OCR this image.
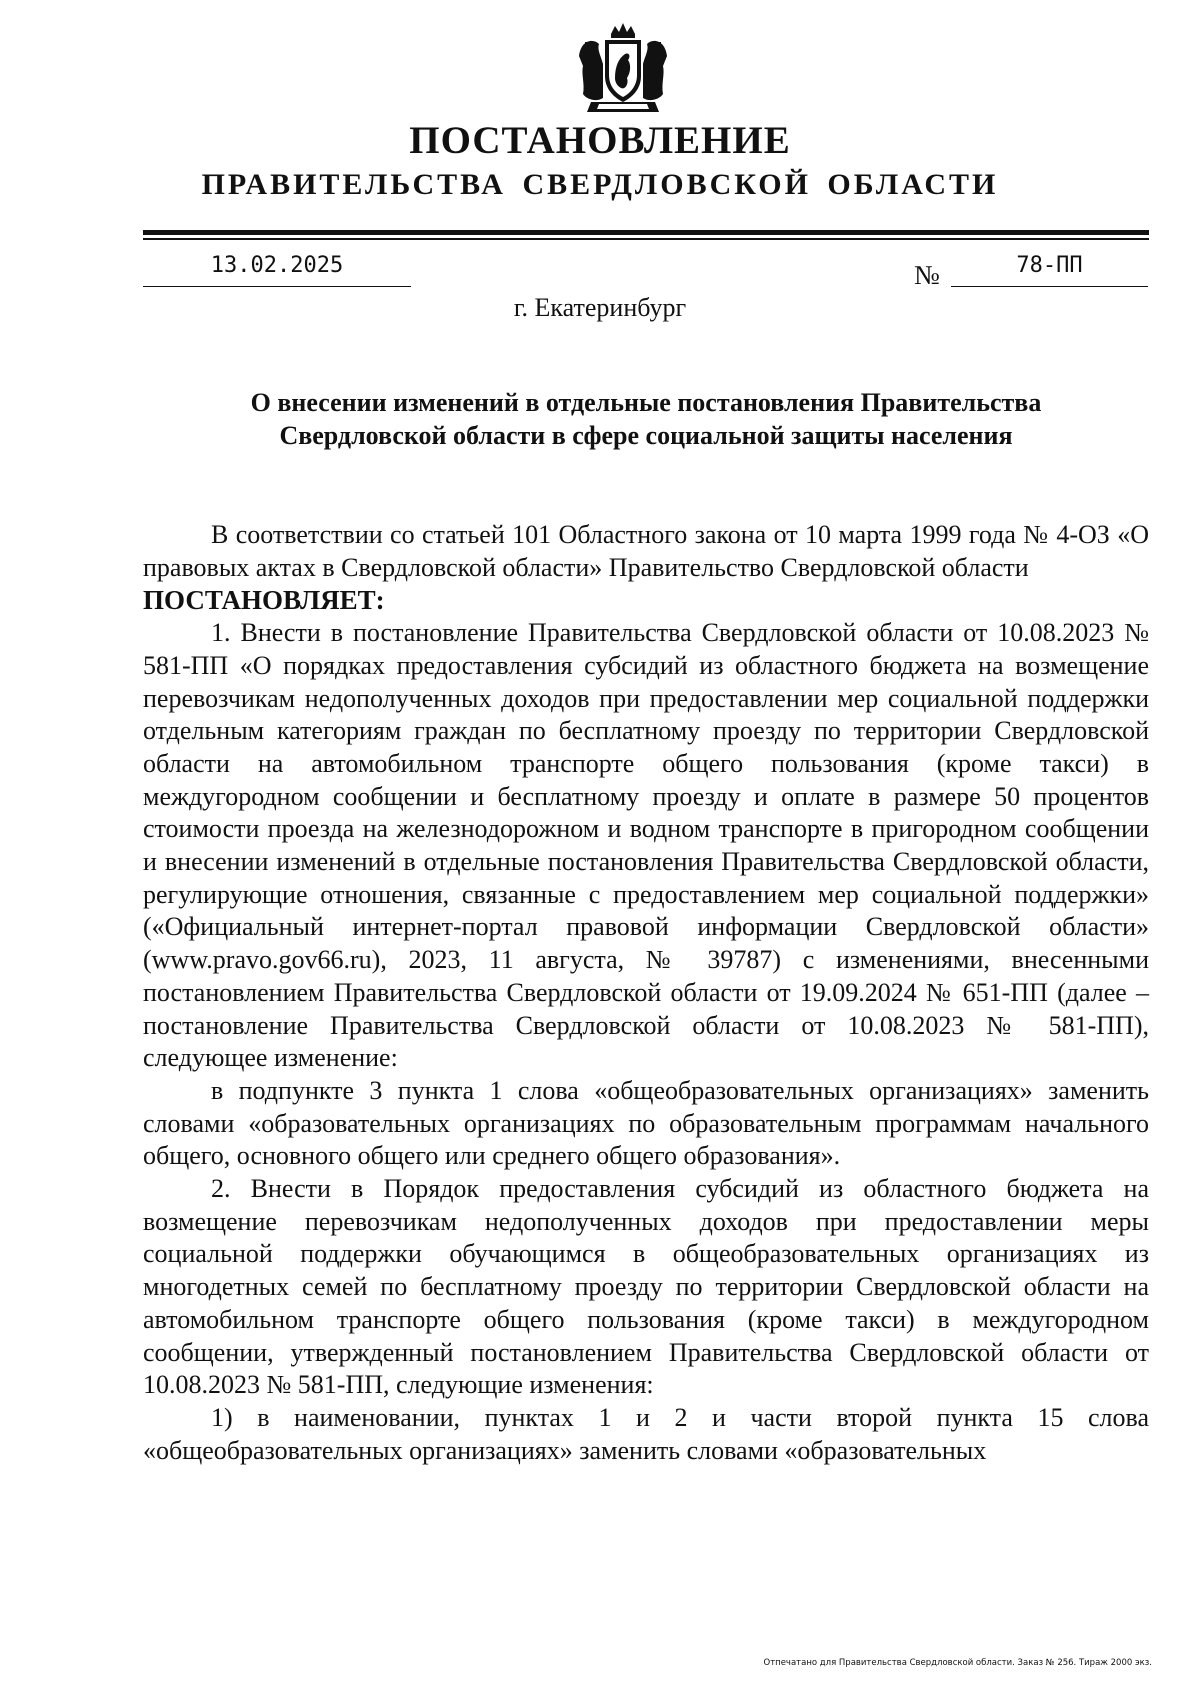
ПОСТАНОВЛЕНИЕ
ПРАВИТЕЛЬСТВА СВЕРДЛОВСКОЙ ОБЛАСТИ
13.02.2025	№	78-ПП
г. Екатеринбург
О внесении изменений в отдельные постановления Правительства
Свердловской области в сфере социальной защиты населения

В соответствии со статьей 101 Областного закона от 10 марта 1999 года № 4-ОЗ «О правовых актах в Свердловской области» Правительство Свердловской области

ПОСТАНОВЛЯЕТ:

1. Внести в постановление Правительства Свердловской области от 10.08.2023 № 581-ПП «О порядках предоставления субсидий из областного бюджета на возмещение перевозчикам недополученных доходов при предоставлении мер социальной поддержки отдельным категориям граждан по бесплатному проезду по территории Свердловской области на автомобильном транспорте общего пользования (кроме такси) в междугородном сообщении и бесплатному проезду и оплате в размере 50 процентов стоимости проезда на железнодорожном и водном транспорте в пригородном сообщении и внесении изменений в отдельные постановления Правительства Свердловской области, регулирующие отношения, связанные с предоставлением мер социальной поддержки» («Официальный интернет-портал правовой информации Свердловской области» (www.pravo.gov66.ru), 2023, 11 августа, № 39787) с изменениями, внесенными постановлением Правительства Свердловской области от 19.09.2024 № 651-ПП (далее – постановление Правительства Свердловской области от 10.08.2023 № 581-ПП), следующее изменение:

в подпункте 3 пункта 1 слова «общеобразовательных организациях» заменить словами «образовательных организациях по образовательным программам начального общего, основного общего или среднего общего образования».

2. Внести в Порядок предоставления субсидий из областного бюджета на возмещение перевозчикам недополученных доходов при предоставлении меры социальной поддержки обучающимся в общеобразовательных организациях из многодетных семей по бесплатному проезду по территории Свердловской области на автомобильном транспорте общего пользования (кроме такси) в междугородном сообщении, утвержденный постановлением Правительства Свердловской области от 10.08.2023 № 581-ПП, следующие изменения:

1) в наименовании, пунктах 1 и 2 и части второй пункта 15 слова «общеобразовательных организациях» заменить словами «образовательных

Отпечатано для Правительства Свердловской области. Заказ № 256. Тираж 2000 экз.
